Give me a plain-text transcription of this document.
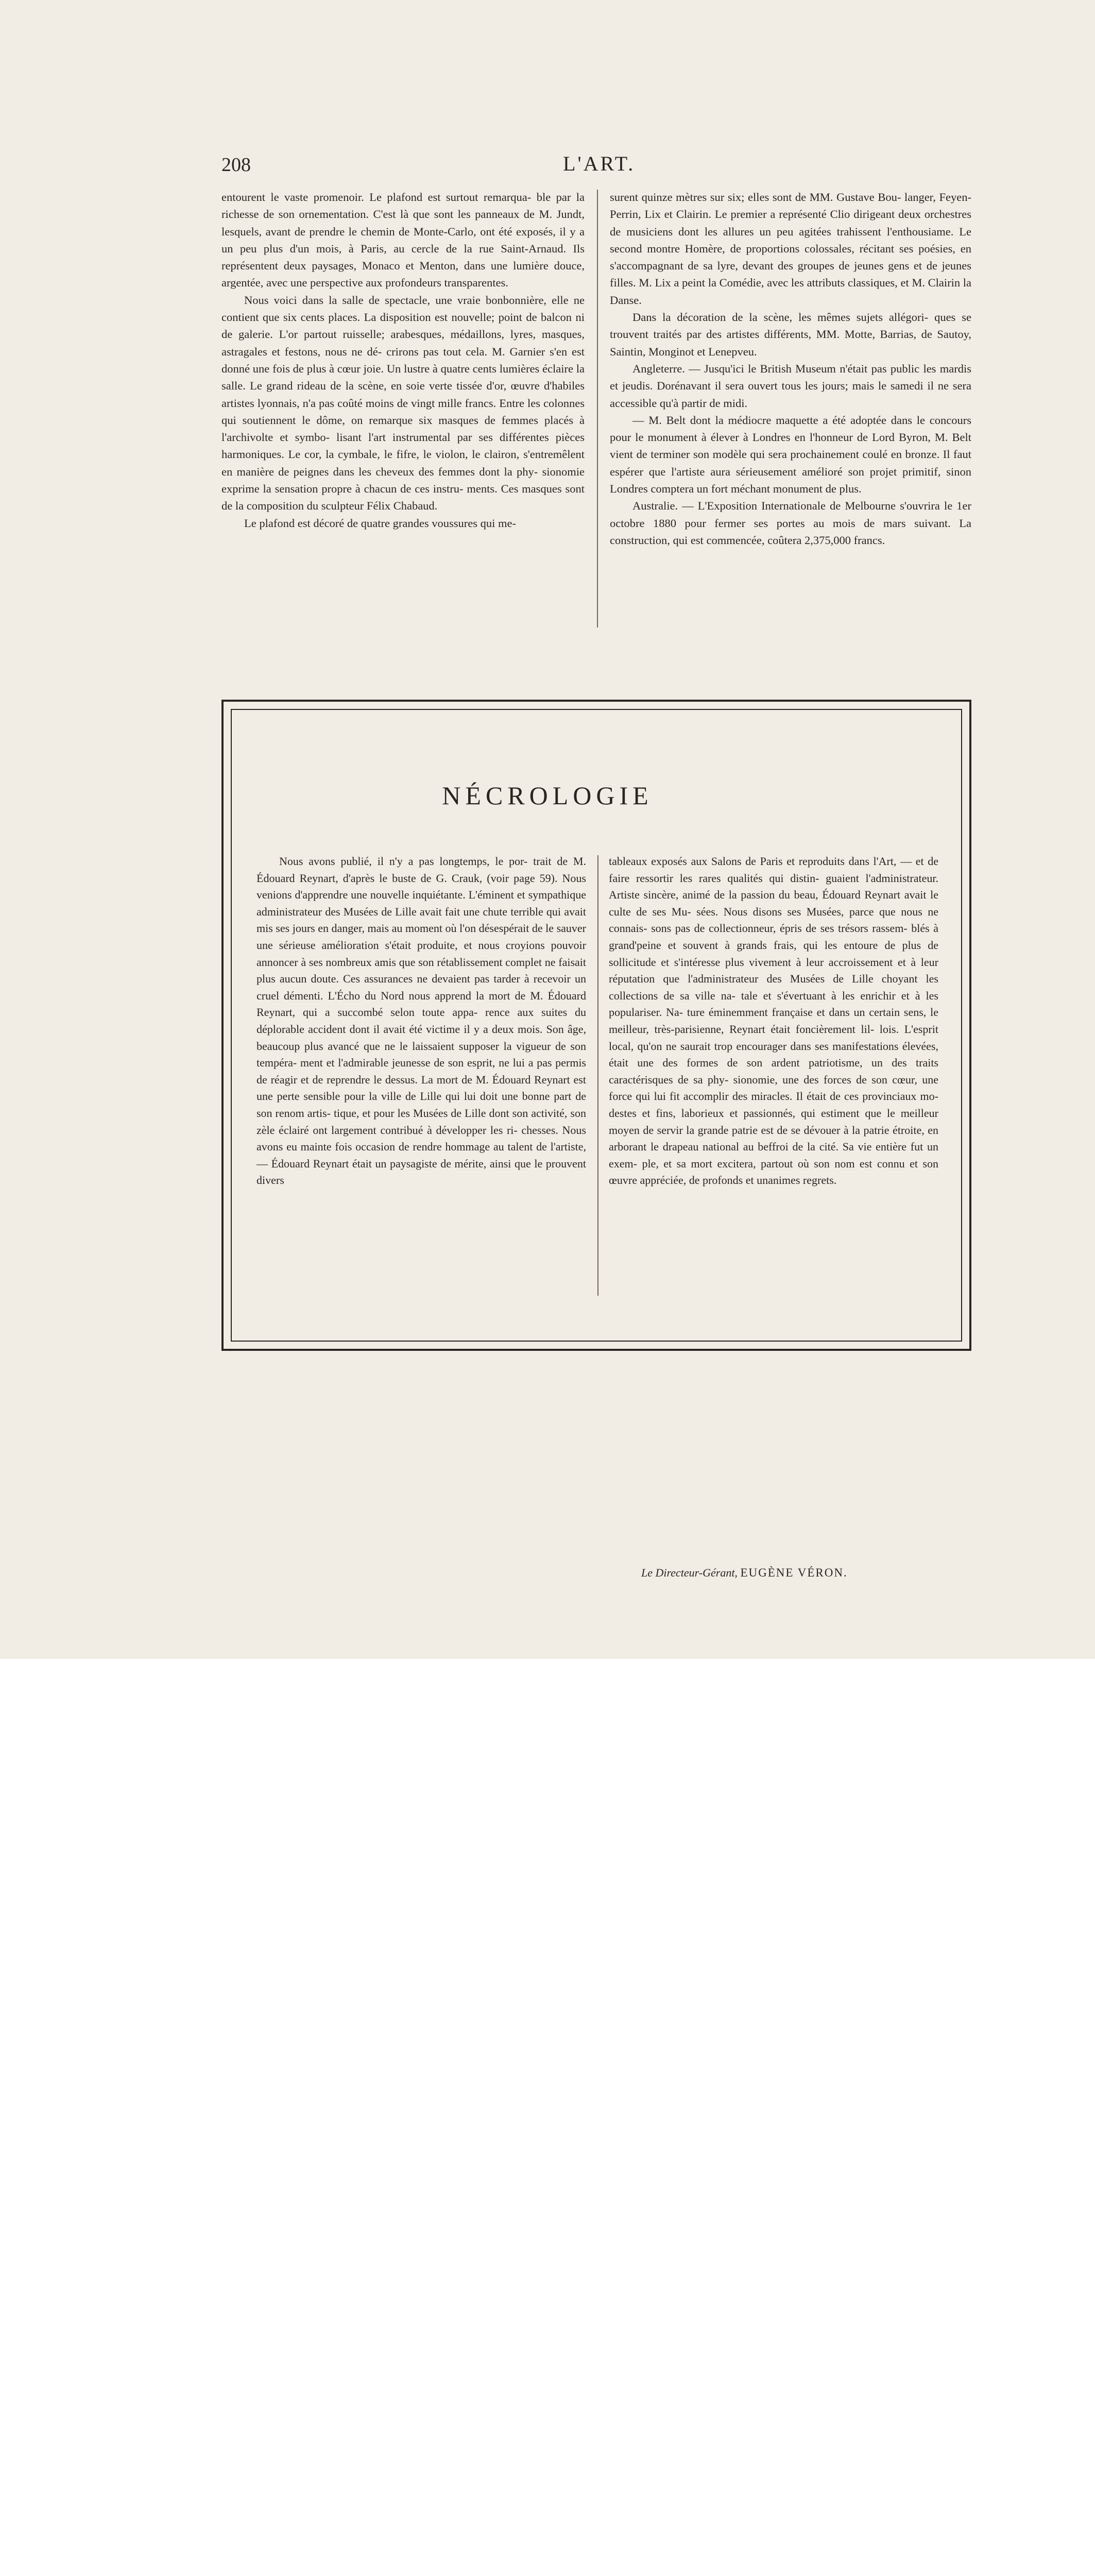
208	L'ART.

entourent le vaste promenoir. Le plafond est surtout remarqua- ble par la richesse de son ornementation. C'est là que sont les panneaux de M. Jundt, lesquels, avant de prendre le chemin de Monte-Carlo, ont été exposés, il y a un peu plus d'un mois, à Paris, au cercle de la rue Saint-Arnaud. Ils représentent deux paysages, Monaco et Menton, dans une lumière douce, argentée, avec une perspective aux profondeurs transparentes.

Nous voici dans la salle de spectacle, une vraie bonbonnière, elle ne contient que six cents places. La disposition est nouvelle; point de balcon ni de galerie. L'or partout ruisselle; arabesques, médaillons, lyres, masques, astragales et festons, nous ne dé- crirons pas tout cela. M. Garnier s'en est donné une fois de plus à cœur joie. Un lustre à quatre cents lumières éclaire la salle. Le grand rideau de la scène, en soie verte tissée d'or, œuvre d'habiles artistes lyonnais, n'a pas coûté moins de vingt mille francs. Entre les colonnes qui soutiennent le dôme, on remarque six masques de femmes placés à l'archivolte et symbo- lisant l'art instrumental par ses différentes pièces harmoniques. Le cor, la cymbale, le fifre, le violon, le clairon, s'entremêlent en manière de peignes dans les cheveux des femmes dont la phy- sionomie exprime la sensation propre à chacun de ces instru- ments. Ces masques sont de la composition du sculpteur Félix Chabaud.

Le plafond est décoré de quatre grandes voussures qui me-

surent quinze mètres sur six; elles sont de MM. Gustave Bou- langer, Feyen-Perrin, Lix et Clairin. Le premier a représenté Clio dirigeant deux orchestres de musiciens dont les allures un peu agitées trahissent l'enthousiame. Le second montre Homère, de proportions colossales, récitant ses poésies, en s'accompagnant de sa lyre, devant des groupes de jeunes gens et de jeunes filles. M. Lix a peint la Comédie, avec les attributs classiques, et M. Clairin la Danse.

Dans la décoration de la scène, les mêmes sujets allégori- ques se trouvent traités par des artistes différents, MM. Motte, Barrias, de Sautoy, Saintin, Monginot et Lenepveu.

Angleterre. — Jusqu'ici le British Museum n'était pas public les mardis et jeudis. Dorénavant il sera ouvert tous les jours; mais le samedi il ne sera accessible qu'à partir de midi.

— M. Belt dont la médiocre maquette a été adoptée dans le concours pour le monument à élever à Londres en l'honneur de Lord Byron, M. Belt vient de terminer son modèle qui sera prochainement coulé en bronze. Il faut espérer que l'artiste aura sérieusement amélioré son projet primitif, sinon Londres comptera un fort méchant monument de plus.

Australie. — L'Exposition Internationale de Melbourne s'ouvrira le 1er octobre 1880 pour fermer ses portes au mois de mars suivant. La construction, qui est commencée, coûtera 2,375,000 francs.

NÉCROLOGIE

Nous avons publié, il n'y a pas longtemps, le por- trait de M. Édouard Reynart, d'après le buste de G. Crauk, (voir page 59). Nous venions d'apprendre une nouvelle inquiétante. L'éminent et sympathique administrateur des Musées de Lille avait fait une chute terrible qui avait mis ses jours en danger, mais au moment où l'on désespérait de le sauver une sérieuse amélioration s'était produite, et nous croyions pouvoir annoncer à ses nombreux amis que son rétablissement complet ne faisait plus aucun doute. Ces assurances ne devaient pas tarder à recevoir un cruel démenti. L'Écho du Nord nous apprend la mort de M. Édouard Reynart, qui a succombé selon toute appa- rence aux suites du déplorable accident dont il avait été victime il y a deux mois. Son âge, beaucoup plus avancé que ne le laissaient supposer la vigueur de son tempéra- ment et l'admirable jeunesse de son esprit, ne lui a pas permis de réagir et de reprendre le dessus. La mort de M. Édouard Reynart est une perte sensible pour la ville de Lille qui lui doit une bonne part de son renom artis- tique, et pour les Musées de Lille dont son activité, son zèle éclairé ont largement contribué à développer les ri- chesses. Nous avons eu mainte fois occasion de rendre hommage au talent de l'artiste, — Édouard Reynart était un paysagiste de mérite, ainsi que le prouvent divers

tableaux exposés aux Salons de Paris et reproduits dans l'Art, — et de faire ressortir les rares qualités qui distin- guaient l'administrateur. Artiste sincère, animé de la passion du beau, Édouard Reynart avait le culte de ses Mu- sées. Nous disons ses Musées, parce que nous ne connais- sons pas de collectionneur, épris de ses trésors rassem- blés à grand'peine et souvent à grands frais, qui les entoure de plus de sollicitude et s'intéresse plus vivement à leur accroissement et à leur réputation que l'administrateur des Musées de Lille choyant les collections de sa ville na- tale et s'évertuant à les enrichir et à les populariser. Na- ture éminemment française et dans un certain sens, le meilleur, très-parisienne, Reynart était foncièrement lil- lois. L'esprit local, qu'on ne saurait trop encourager dans ses manifestations élevées, était une des formes de son ardent patriotisme, un des traits caractérisques de sa phy- sionomie, une des forces de son cœur, une force qui lui fit accomplir des miracles. Il était de ces provinciaux mo- destes et fins, laborieux et passionnés, qui estiment que le meilleur moyen de servir la grande patrie est de se dévouer à la patrie étroite, en arborant le drapeau national au beffroi de la cité. Sa vie entière fut un exem- ple, et sa mort excitera, partout où son nom est connu et son œuvre appréciée, de profonds et unanimes regrets.

Le Directeur-Gérant, EUGÈNE VÉRON.
